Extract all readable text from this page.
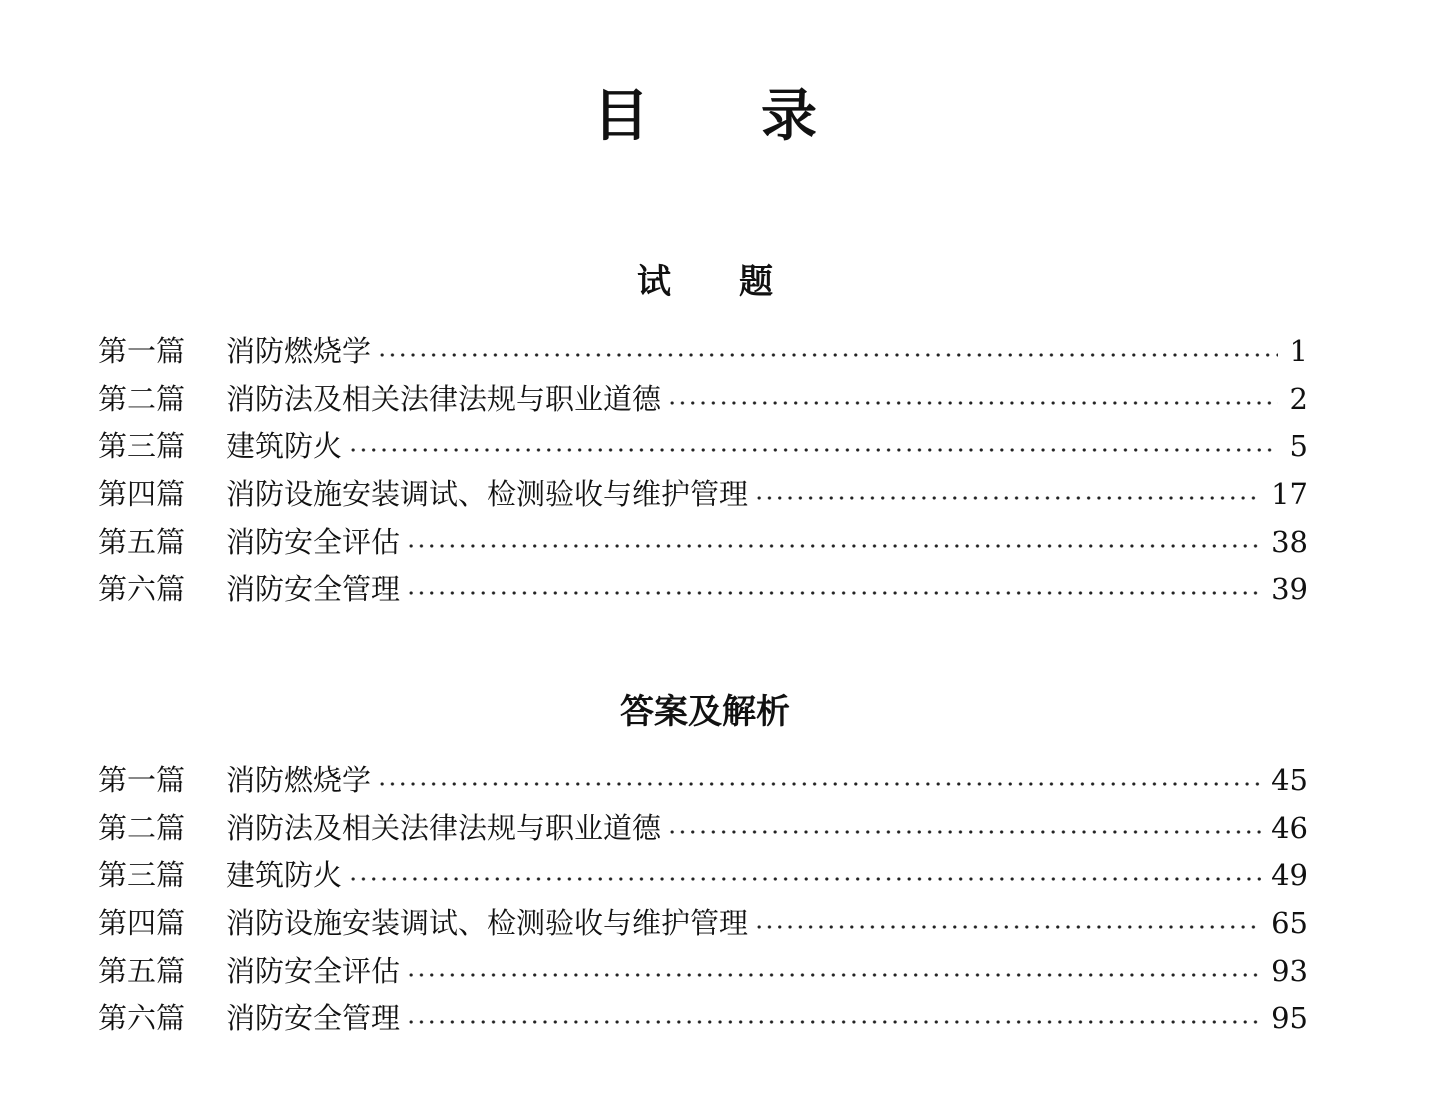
目　　录
试　　题
第一篇	消防燃烧学	1
第二篇	消防法及相关法律法规与职业道德	2
第三篇	建筑防火	5
第四篇	消防设施安装调试、检测验收与维护管理	17
第五篇	消防安全评估	38
第六篇	消防安全管理	39
答案及解析
第一篇	消防燃烧学	45
第二篇	消防法及相关法律法规与职业道德	46
第三篇	建筑防火	49
第四篇	消防设施安装调试、检测验收与维护管理	65
第五篇	消防安全评估	93
第六篇	消防安全管理	95
